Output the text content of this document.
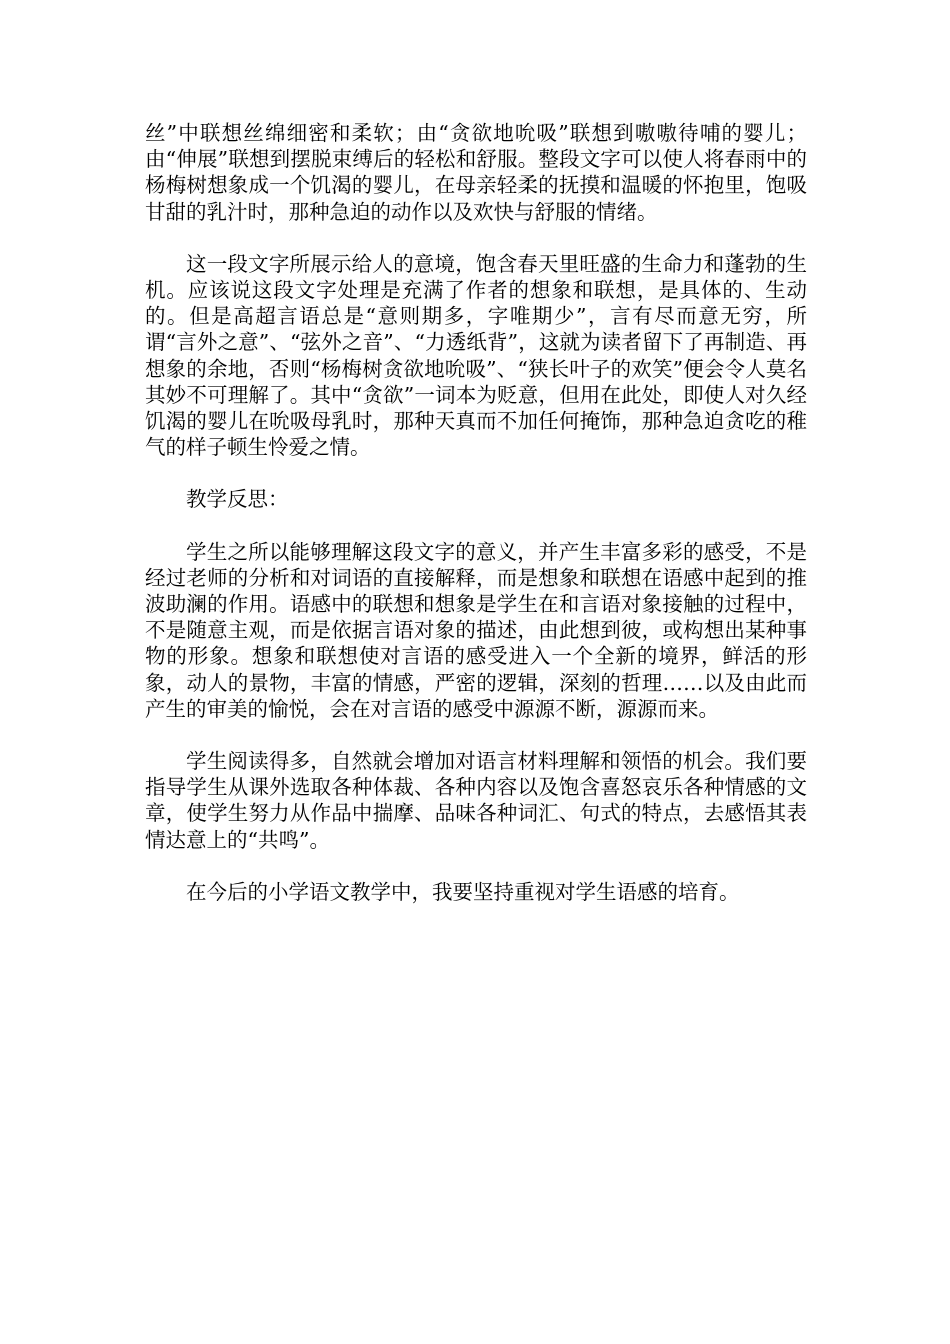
丝”中联想丝绵细密和柔软；由“贪欲地吮吸”联想到嗷嗷待哺的婴儿；由“伸展”联想到摆脱束缚后的轻松和舒服。整段文字可以使人将春雨中的杨梅树想象成一个饥渴的婴儿，在母亲轻柔的抚摸和温暖的怀抱里，饱吸甘甜的乳汁时，那种急迫的动作以及欢快与舒服的情绪。

这一段文字所展示给人的意境，饱含春天里旺盛的生命力和蓬勃的生机。应该说这段文字处理是充满了作者的想象和联想，是具体的、生动的。但是高超言语总是“意则期多，字唯期少”，言有尽而意无穷，所谓“言外之意”、“弦外之音”、“力透纸背”，这就为读者留下了再制造、再想象的余地，否则“杨梅树贪欲地吮吸”、“狭长叶子的欢笑”便会令人莫名其妙不可理解了。其中“贪欲”一词本为贬意，但用在此处，即使人对久经饥渴的婴儿在吮吸母乳时，那种天真而不加任何掩饰，那种急迫贪吃的稚气的样子顿生怜爱之情。

教学反思：

学生之所以能够理解这段文字的意义，并产生丰富多彩的感受，不是经过老师的分析和对词语的直接解释，而是想象和联想在语感中起到的推波助澜的作用。语感中的联想和想象是学生在和言语对象接触的过程中，不是随意主观，而是依据言语对象的描述，由此想到彼，或构想出某种事物的形象。想象和联想使对言语的感受进入一个全新的境界，鲜活的形象，动人的景物，丰富的情感，严密的逻辑，深刻的哲理……以及由此而产生的审美的愉悦，会在对言语的感受中源源不断，源源而来。

学生阅读得多，自然就会增加对语言材料理解和领悟的机会。我们要指导学生从课外选取各种体裁、各种内容以及饱含喜怒哀乐各种情感的文章，使学生努力从作品中揣摩、品味各种词汇、句式的特点，去感悟其表情达意上的“共鸣”。

在今后的小学语文教学中，我要坚持重视对学生语感的培育。
